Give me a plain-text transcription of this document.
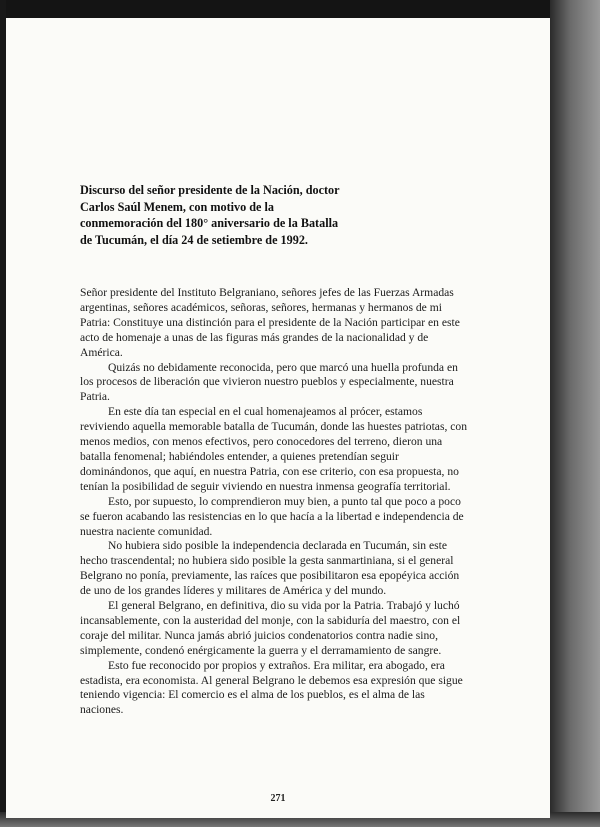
Discurso del señor presidente de la Nación, doctor Carlos Saúl Menem, con motivo de la conmemoración del 180° aniversario de la Batalla de Tucumán, el día 24 de setiembre de 1992.

Señor presidente del Instituto Belgraniano, señores jefes de las Fuerzas Armadas argentinas, señores académicos, señoras, señores, hermanas y hermanos de mi Patria: Constituye una distinción para el presidente de la Nación participar en este acto de homenaje a unas de las figuras más grandes de la nacionalidad y de América.

Quizás no debidamente reconocida, pero que marcó una huella profunda en los procesos de liberación que vivieron nuestro pueblos y especialmente, nuestra Patria.

En este día tan especial en el cual homenajeamos al prócer, estamos reviviendo aquella memorable batalla de Tucumán, donde las huestes patriotas, con menos medios, con menos efectivos, pero conocedores del terreno, dieron una batalla fenomenal; habiéndoles entender, a quienes pretendían seguir dominándonos, que aquí, en nuestra Patria, con ese criterio, con esa propuesta, no tenían la posibilidad de seguir viviendo en nuestra inmensa geografía territorial.

Esto, por supuesto, lo comprendieron muy bien, a punto tal que poco a poco se fueron acabando las resistencias en lo que hacía a la libertad e independencia de nuestra naciente comunidad.

No hubiera sido posible la independencia declarada en Tucumán, sin este hecho trascendental; no hubiera sido posible la gesta sanmartiniana, si el general Belgrano no ponía, previamente, las raíces que posibilitaron esa epopéyica acción de uno de los grandes líderes y militares de América y del mundo.

El general Belgrano, en definitiva, dio su vida por la Patria. Trabajó y luchó incansablemente, con la austeridad del monje, con la sabiduría del maestro, con el coraje del militar. Nunca jamás abrió juicios condenatorios contra nadie sino, simplemente, condenó enérgicamente la guerra y el derramamiento de sangre.

Esto fue reconocido por propios y extraños. Era militar, era abogado, era estadista, era economista. Al general Belgrano le debemos esa expresión que sigue teniendo vigencia: El comercio es el alma de los pueblos, es el alma de las naciones.

271
